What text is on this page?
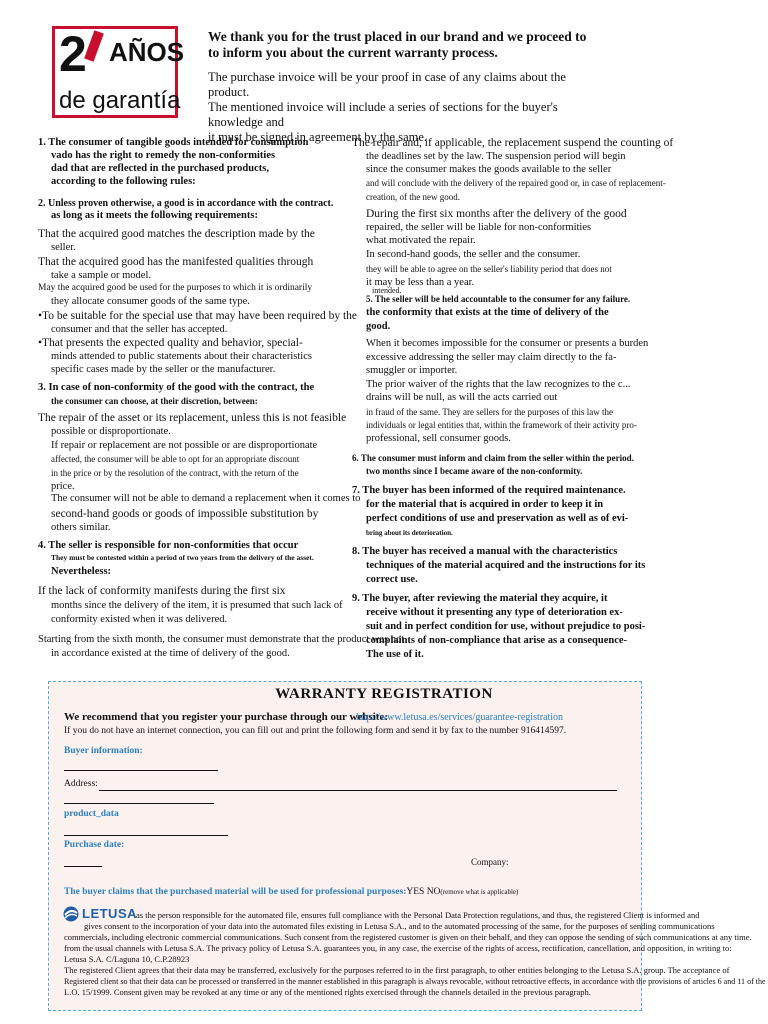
2 AÑOS
de garantía
We thank you for the trust placed in our brand and we proceed to
to inform you about the current warranty process.
The purchase invoice will be your proof in case of any claims about the product.
The mentioned invoice will include a series of sections for the buyer's knowledge and
it must be signed in agreement by the same.
1. The consumer of tangible goods intended for consumption
vado has the right to remedy the non-conformities
dad that are reflected in the purchased products,
according to the following rules:
2. Unless proven otherwise, a good is in accordance with the contract.
as long as it meets the following requirements:
That the acquired good matches the description made by the
seller.
That the acquired good has the manifested qualities through
take a sample or model.
May the acquired good be used for the purposes to which it is ordinarily	intended.
they allocate consumer goods of the same type.
•To be suitable for the special use that may have been required by the
consumer and that the seller has accepted.
•That presents the expected quality and behavior, special-
minds attended to public statements about their characteristics
specific cases made by the seller or the manufacturer.
3. In case of non-conformity of the good with the contract, the
the consumer can choose, at their discretion, between:
The repair of the asset or its replacement, unless this is not feasible
possible or disproportionate.
If repair or replacement are not possible or are disproportionate
affected, the consumer will be able to opt for an appropriate discount
in the price or by the resolution of the contract, with the return of the
price.
The consumer will not be able to demand a replacement when it comes to
second-hand goods or goods of impossible substitution by
others similar.
4. The seller is responsible for non-conformities that occur
They must be contested within a period of two years from the delivery of the asset.
Nevertheless:
If the lack of conformity manifests during the first six
months since the delivery of the item, it is presumed that such lack of
conformity existed when it was delivered.
Starting from the sixth month, the consumer must demonstrate that the product was not
in accordance existed at the time of delivery of the good.
The repair and, if applicable, the replacement suspend the counting of
the deadlines set by the law. The suspension period will begin
since the consumer makes the goods available to the seller
and will conclude with the delivery of the repaired good or, in case of replacement-
creation, of the new good.
During the first six months after the delivery of the good
repaired, the seller will be liable for non-conformities
what motivated the repair.
In second-hand goods, the seller and the consumer.
they will be able to agree on the seller's liability period that does not
it may be less than a year.
5. The seller will be held accountable to the consumer for any failure.
the conformity that exists at the time of delivery of the
good.
When it becomes impossible for the consumer or presents a burden
excessive addressing the seller may claim directly to the fa-
smuggler or importer.
The prior waiver of the rights that the law recognizes to the c...
drains will be null, as will the acts carried out
in fraud of the same. They are sellers for the purposes of this law the
individuals or legal entities that, within the framework of their activity pro-
professional, sell consumer goods.
6. The consumer must inform and claim from the seller within the period.
two months since I became aware of the non-conformity.
7. The buyer has been informed of the required maintenance.
for the material that is acquired in order to keep it in
perfect conditions of use and preservation as well as of evi-
bring about its deterioration.
8. The buyer has received a manual with the characteristics
techniques of the material acquired and the instructions for its
correct use.
9. The buyer, after reviewing the material they acquire, it
receive without it presenting any type of deterioration ex-
suit and in perfect condition for use, without prejudice to posi-
complaints of non-compliance that arise as a consequence-
The use of it.
WARRANTY REGISTRATION
We recommend that you register your purchase through our website:
http://www.letusa.es/services/guarantee-registration
If you do not have an internet connection, you can fill out and print the following form and send it by fax to the number 916414597.
Buyer information:
Address:
product_data
Purchase date:
Company:
The buyer claims that the purchased material will be used for professional purposes:YES NO(remove what is applicable)
LETUSA as the person responsible for the automated file, ensures full compliance with the Personal Data Protection regulations, and thus, the registered Client is informed and
gives consent to the incorporation of your data into the automated files existing in Letusa S.A., and to the automated processing of the same, for the purposes of sending communications
commercials, including electronic commercial communications. Such consent from the registered customer is given on their behalf, and they can oppose the sending of such communications at any time.
from the usual channels with Letusa S.A. The privacy policy of Letusa S.A. guarantees you, in any case, the exercise of the rights of access, rectification, cancellation, and opposition, in writing to:
Letusa S.A. C/Laguna 10, C.P.28923
The registered Client agrees that their data may be transferred, exclusively for the purposes referred to in the first paragraph, to other entities belonging to the Letusa S.A. group. The acceptance of
Registered client so that their data can be processed or transferred in the manner established in this paragraph is always revocable, without retroactive effects, in accordance with the provisions of articles 6 and 11 of the
L.O. 15/1999. Consent given may be revoked at any time or any of the mentioned rights exercised through the channels detailed in the previous paragraph.
